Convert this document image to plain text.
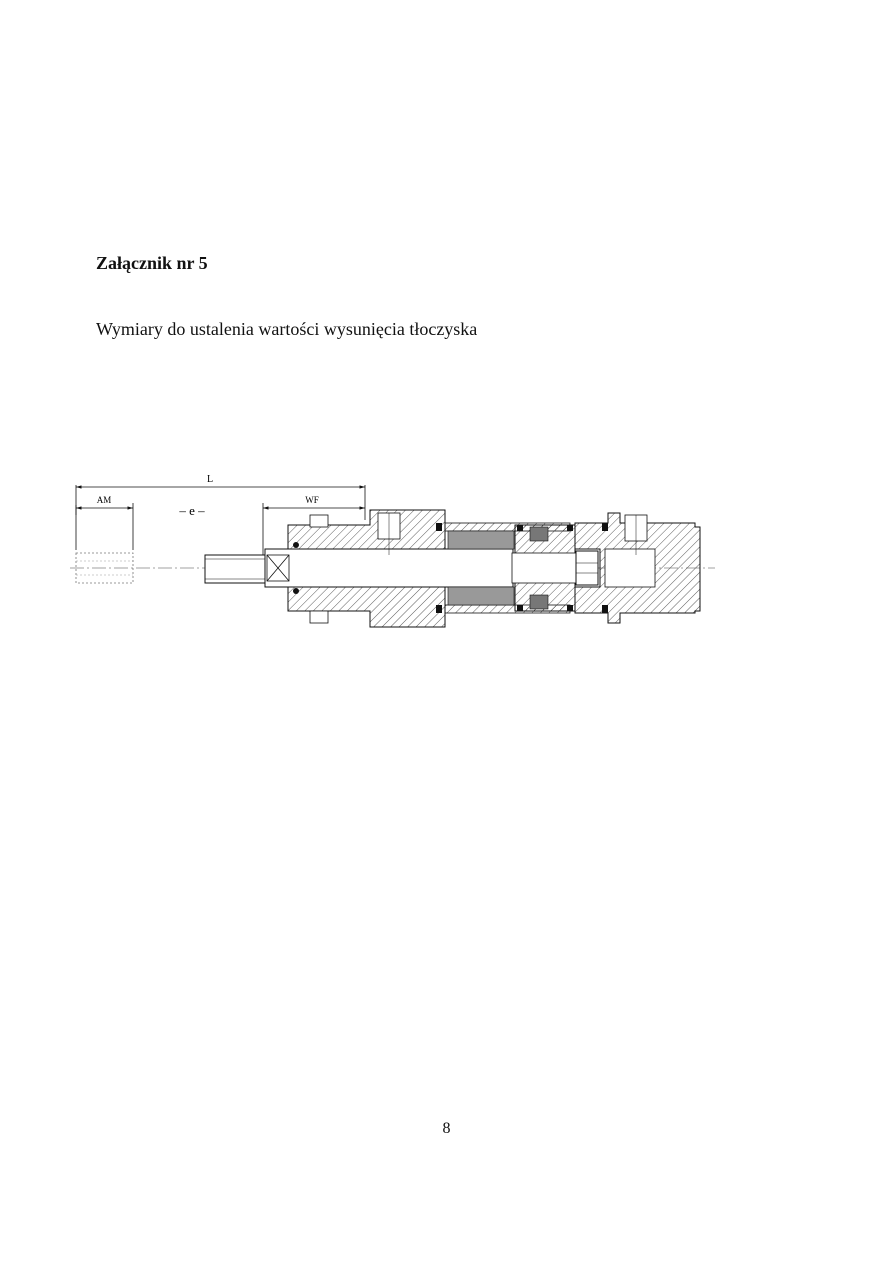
Załącznik nr 5

Wymiary do ustalenia wartości wysunięcia tłoczyska

L
AM
– e –
WF
8
